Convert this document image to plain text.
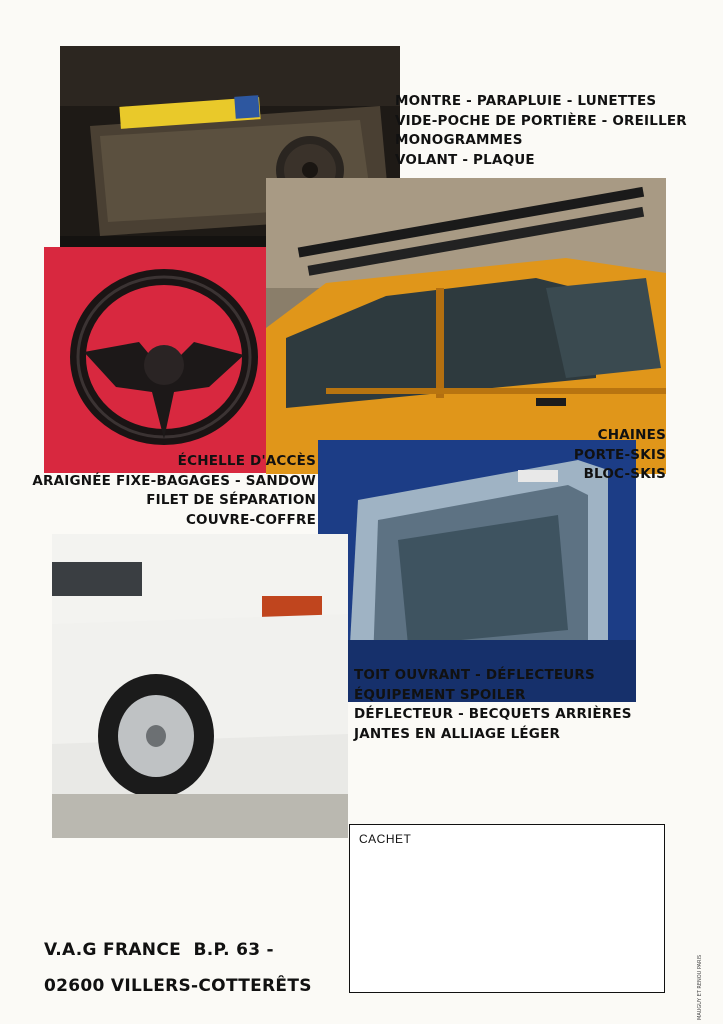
MONTRE - PARAPLUIE - LUNETTES
VIDE-POCHE DE PORTIÈRE - OREILLER
MONOGRAMMES
VOLANT - PLAQUE
CHAINES
PORTE-SKIS
BLOC-SKIS
ÉCHELLE D'ACCÈS
ARAIGNÉE FIXE-BAGAGES - SANDOW
FILET DE SÉPARATION
COUVRE-COFFRE
TOIT OUVRANT - DÉFLECTEURS
ÉQUIPEMENT SPOILER
DÉFLECTEUR - BECQUETS ARRIÈRES
JANTES EN ALLIAGE LÉGER
CACHET
V.A.G FRANCE  B.P. 63 -
02600 VILLERS-COTTERÊTS	MAUGUY ET RENOU PARIS
